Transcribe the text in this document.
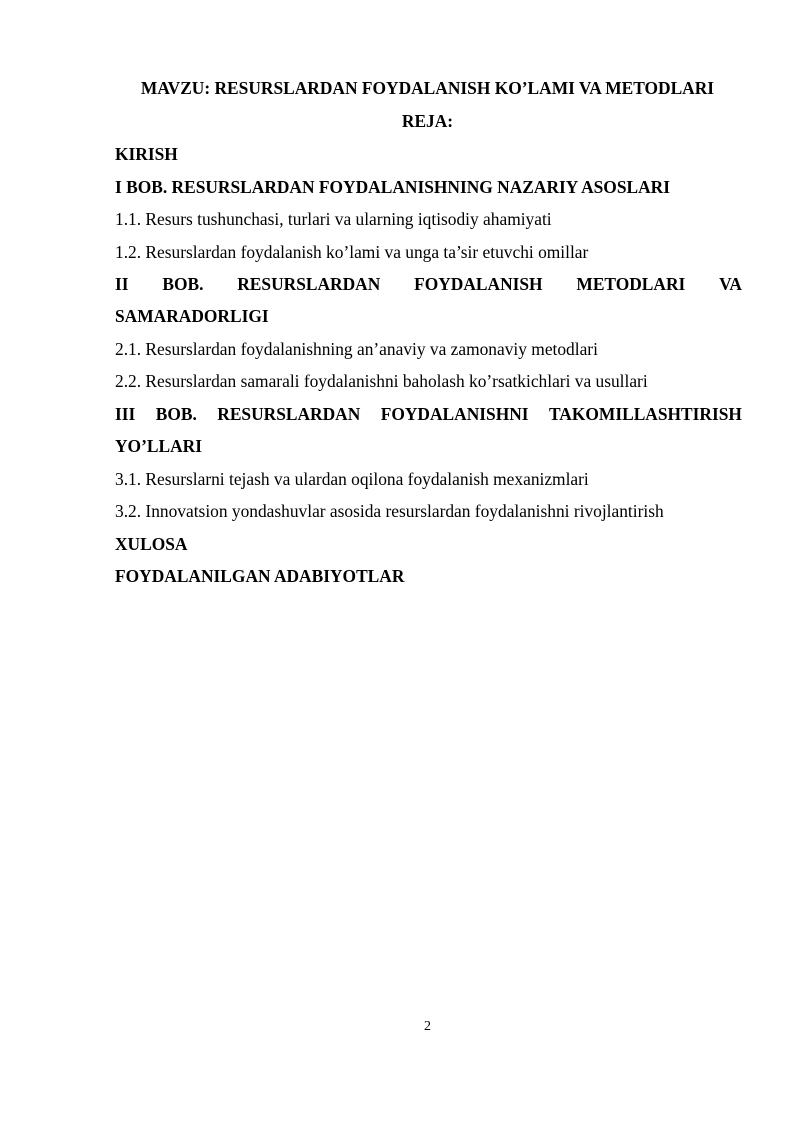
MAVZU: RESURSLARDAN FOYDALANISH KO’LAMI VA METODLARI
REJA:
KIRISH
I BOB. RESURSLARDAN FOYDALANISHNING NAZARIY ASOSLARI
1.1. Resurs tushunchasi, turlari va ularning iqtisodiy ahamiyati
1.2. Resurslardan foydalanish ko’lami va unga ta’sir etuvchi omillar
II BOB. RESURSLARDAN FOYDALANISH METODLARI VA
SAMARADORLIGI
2.1. Resurslardan foydalanishning an’anaviy va zamonaviy metodlari
2.2. Resurslardan samarali foydalanishni baholash ko’rsatkichlari va usullari
III BOB. RESURSLARDAN FOYDALANISHNI TAKOMILLASHTIRISH
YO’LLARI
3.1. Resurslarni tejash va ulardan oqilona foydalanish mexanizmlari
3.2. Innovatsion yondashuvlar asosida resurslardan foydalanishni rivojlantirish
XULOSA
FOYDALANILGAN ADABIYOTLAR
2
